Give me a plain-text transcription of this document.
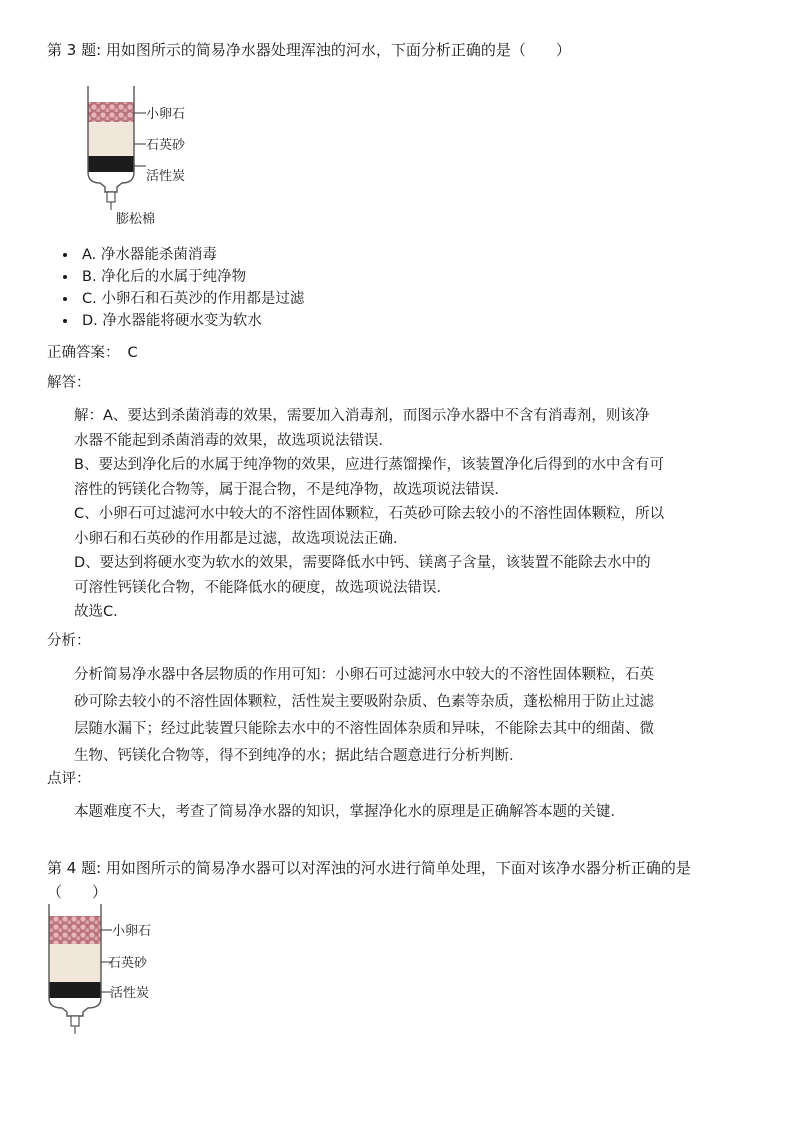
第 3 题: 用如图所示的简易净水器处理浑浊的河水，下面分析正确的是（　　）
小卵石
石英砂
活性炭
膨松棉
• A. 净水器能杀菌消毒
• B. 净化后的水属于纯净物
• C. 小卵石和石英沙的作用都是过滤
• D. 净水器能将硬水变为软水
正确答案： C
解答：
解：A、要达到杀菌消毒的效果，需要加入消毒剂，而图示净水器中不含有消毒剂，则该净
水器不能起到杀菌消毒的效果，故选项说法错误．
B、要达到净化后的水属于纯净物的效果，应进行蒸馏操作，该装置净化后得到的水中含有可
溶性的钙镁化合物等，属于混合物，不是纯净物，故选项说法错误．
C、小卵石可过滤河水中较大的不溶性固体颗粒，石英砂可除去较小的不溶性固体颗粒，所以
小卵石和石英砂的作用都是过滤，故选项说法正确．
D、要达到将硬水变为软水的效果，需要降低水中钙、镁离子含量，该装置不能除去水中的
可溶性钙镁化合物，不能降低水的硬度，故选项说法错误．
故选C．
分析：
分析简易净水器中各层物质的作用可知：小卵石可过滤河水中较大的不溶性固体颗粒，石英
砂可除去较小的不溶性固体颗粒，活性炭主要吸附杂质、色素等杂质，蓬松棉用于防止过滤
层随水漏下；经过此装置只能除去水中的不溶性固体杂质和异味，不能除去其中的细菌、微
生物、钙镁化合物等，得不到纯净的水；据此结合题意进行分析判断．
点评：
本题难度不大，考查了简易净水器的知识，掌握净化水的原理是正确解答本题的关键．
第 4 题: 用如图所示的简易净水器可以对浑浊的河水进行简单处理，下面对该净水器分析正确的是
（　　）
小卵石
石英砂
活性炭
